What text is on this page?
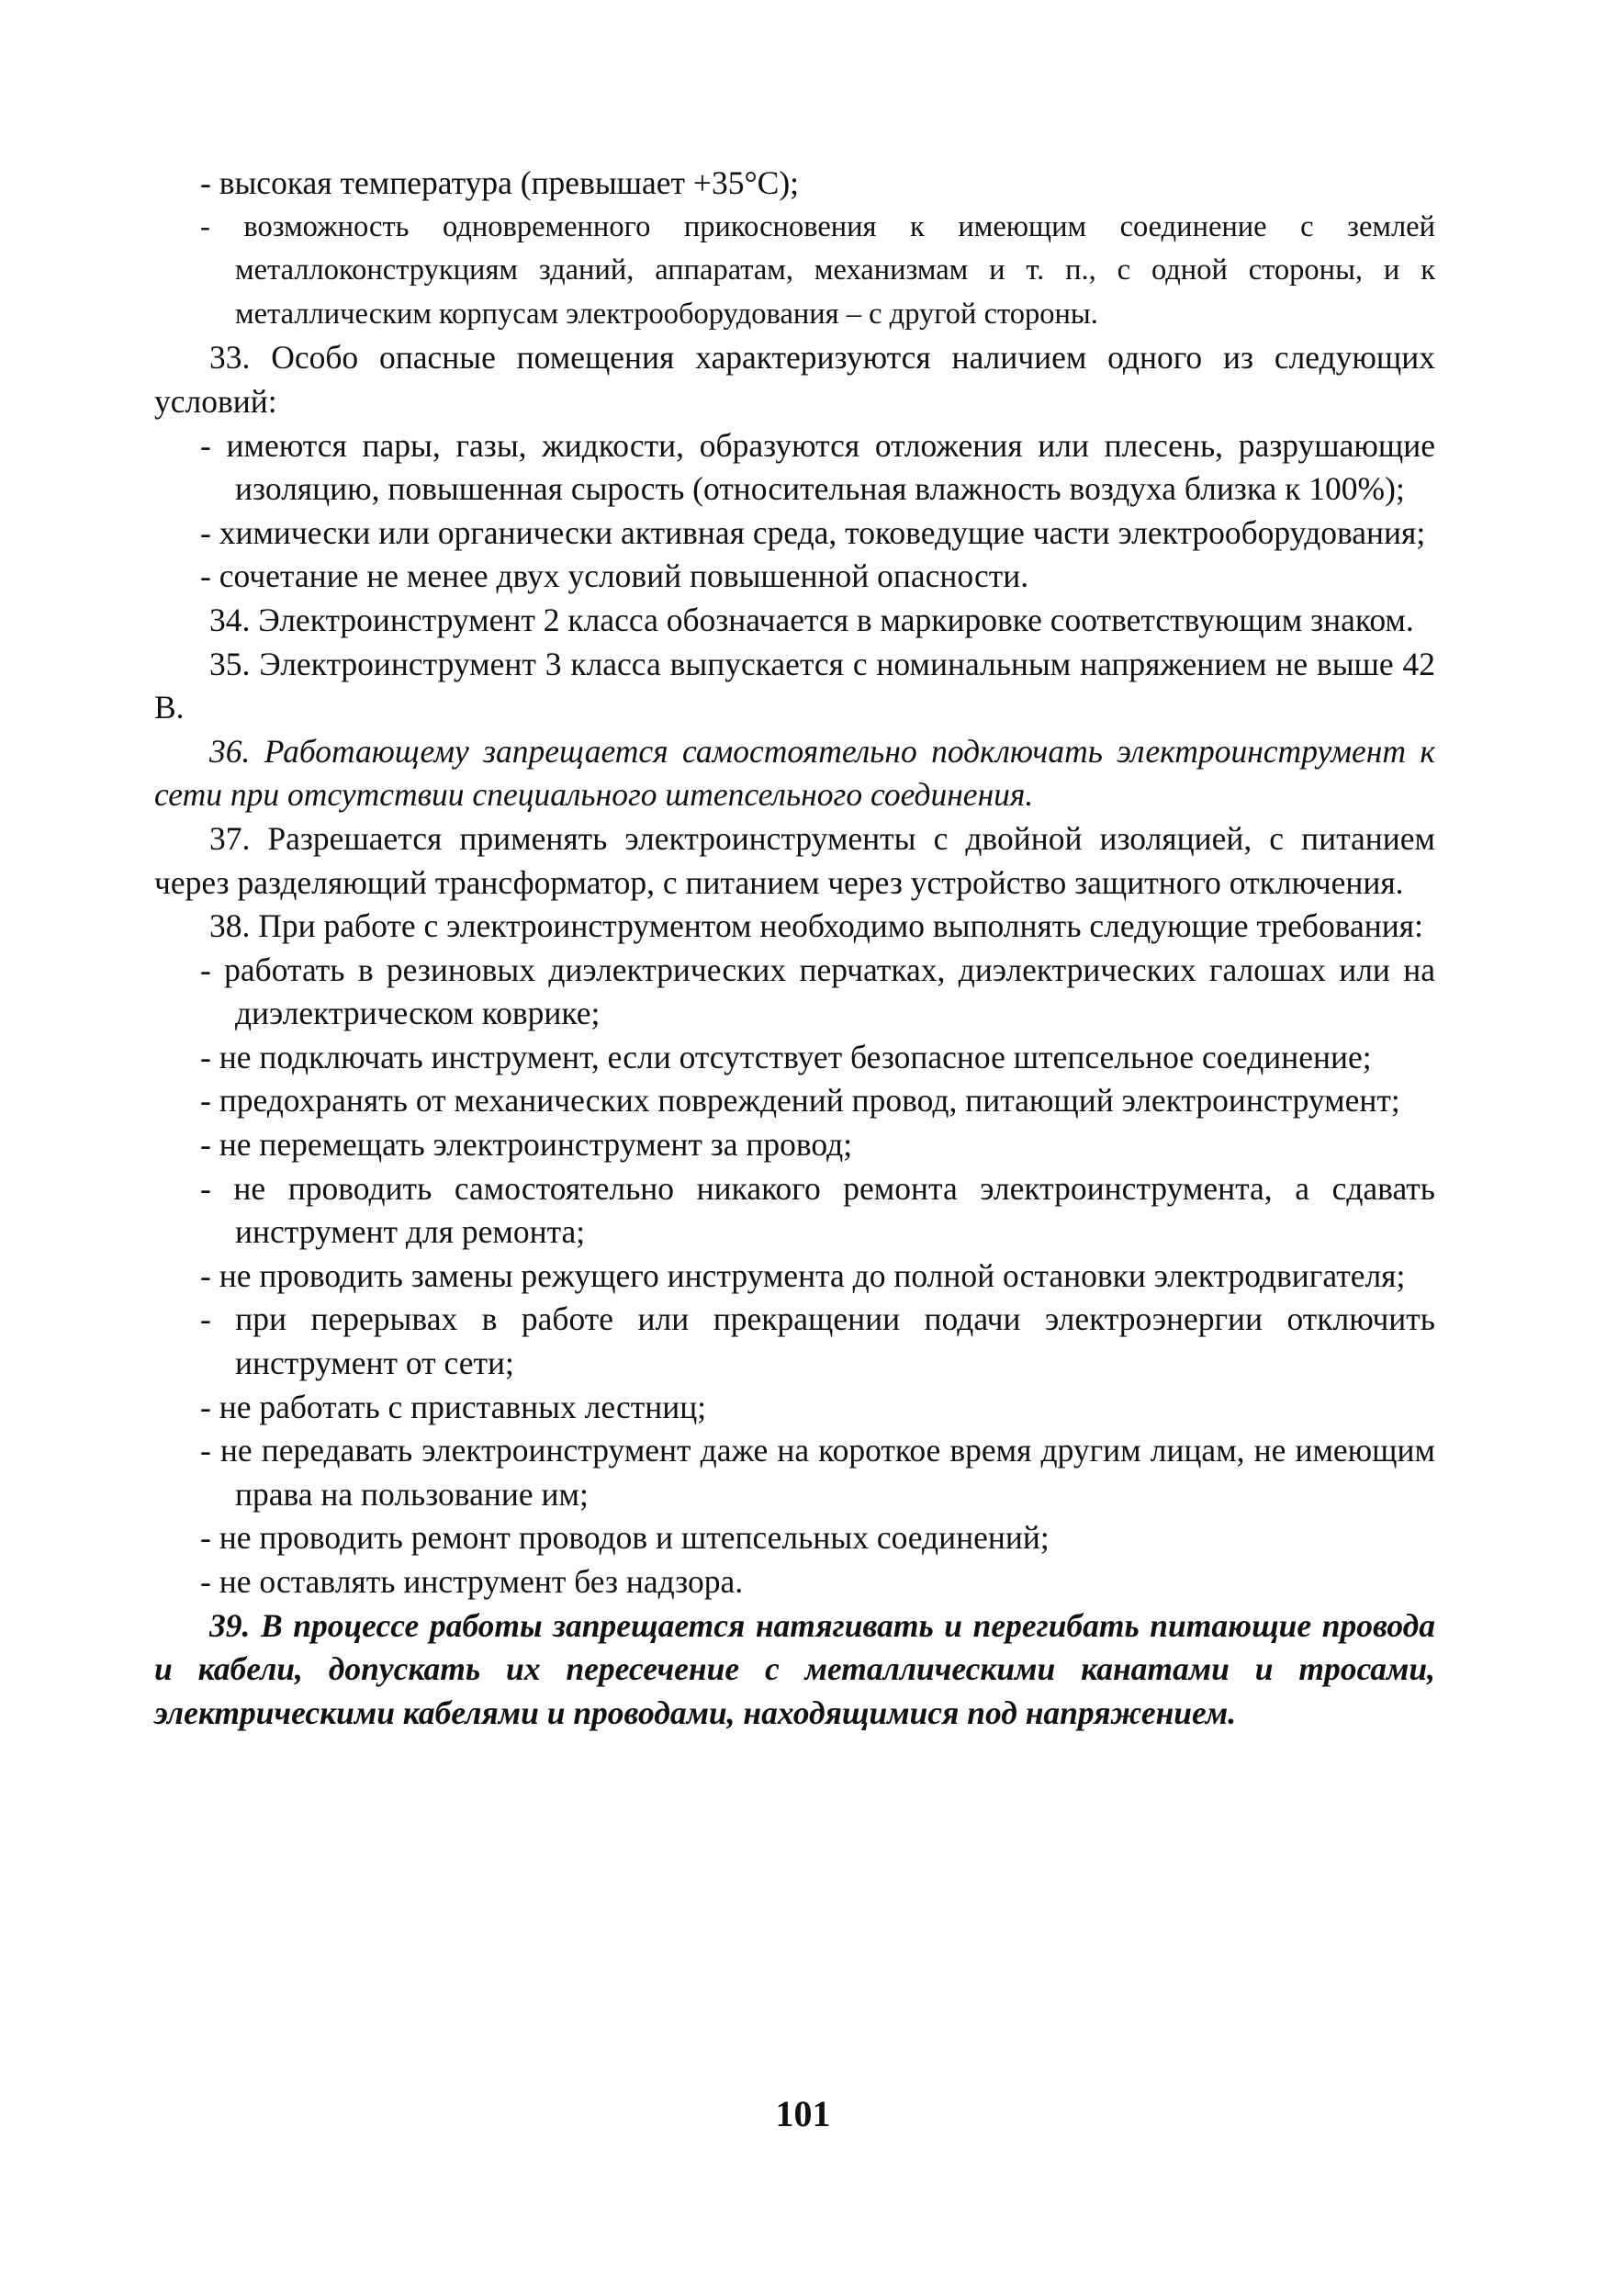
- высокая температура (превышает +35°C);

- возможность одновременного прикосновения к имеющим соединение с землей металлоконструкциям зданий, аппаратам, механизмам и т. п., с одной стороны, и к металлическим корпусам электрооборудования – с другой стороны.

33. Особо опасные помещения характеризуются наличием одного из следующих условий:

- имеются пары, газы, жидкости, образуются отложения или плесень, разрушающие изоляцию, повышенная сырость (относительная влажность воздуха близка к 100%);

- химически или органически активная среда, токоведущие части электрооборудования;

- сочетание не менее двух условий повышенной опасности.

34. Электроинструмент 2 класса обозначается в маркировке соответствующим знаком.

35. Электроинструмент 3 класса выпускается с номинальным напряжением не выше 42 В.

36. Работающему запрещается самостоятельно подключать электроинструмент к сети при отсутствии специального штепсельного соединения.

37. Разрешается применять электроинструменты с двойной изоляцией, с питанием через разделяющий трансформатор, с питанием через устройство защитного отключения.

38. При работе с электроинструментом необходимо выполнять следующие требования:

- работать в резиновых диэлектрических перчатках, диэлектрических галошах или на диэлектрическом коврике;

- не подключать инструмент, если отсутствует безопасное штепсельное соединение;

- предохранять от механических повреждений провод, питающий электроинструмент;

- не перемещать электроинструмент за провод;

- не проводить самостоятельно никакого ремонта электроинструмента, а сдавать инструмент для ремонта;

- не проводить замены режущего инструмента до полной остановки электродвигателя;

- при перерывах в работе или прекращении подачи электроэнергии отключить инструмент от сети;

- не работать с приставных лестниц;

- не передавать электроинструмент даже на короткое время другим лицам, не имеющим права на пользование им;

- не проводить ремонт проводов и штепсельных соединений;

- не оставлять инструмент без надзора.

39. В процессе работы запрещается натягивать и перегибать питающие провода и кабели, допускать их пересечение с металлическими канатами и тросами, электрическими кабелями и проводами, находящимися под напряжением.

101
